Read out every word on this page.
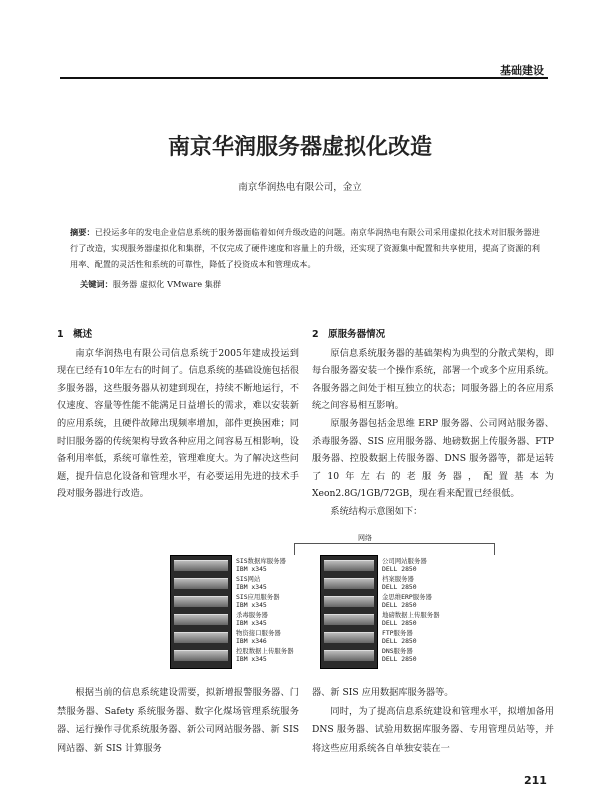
基础建设
南京华润服务器虚拟化改造
南京华润热电有限公司，金立
摘要：已投运多年的发电企业信息系统的服务器面临着如何升级改造的问题。南京华润热电有限公司采用虚拟化技术对旧服务器进行了改造，实现服务器虚拟化和集群，不仅完成了硬件速度和容量上的升级，还实现了资源集中配置和共享使用，提高了资源的利用率、配置的灵活性和系统的可靠性，降低了投资成本和管理成本。
关键词：服务器 虚拟化 VMware 集群
1　概述

南京华润热电有限公司信息系统于2005年建成投运到现在已经有10年左右的时间了。信息系统的基础设施包括很多服务器，这些服务器从初建到现在，持续不断地运行，不仅速度、容量等性能不能满足日益增长的需求，难以安装新的应用系统，且硬件故障出现频率增加，部件更换困难；同时旧服务器的传统架构导致各种应用之间容易互相影响，设备利用率低，系统可靠性差，管理难度大。为了解决这些问题，提升信息化设备和管理水平，有必要运用先进的技术手段对服务器进行改造。

2　原服务器情况

原信息系统服务器的基础架构为典型的分散式架构，即每台服务器安装一个操作系统，部署一个或多个应用系统。各服务器之间处于相互独立的状态；同服务器上的各应用系统之间容易相互影响。

原服务器包括金思维 ERP 服务器、公司网站服务器、杀毒服务器、SIS 应用服务器、地磅数据上传服务器、FTP 服务器、控股数据上传服务器、DNS 服务器等，都是运转了10年左右的老服务器，配置基本为 Xeon2.8G/1GB/72GB，现在看来配置已经很低。

系统结构示意图如下：

网络
SIS数据库服务器
IBM x345
SIS网站
IBM x345
SIS应用服务器
IBM x345
杀毒服务器
IBM x345
物资接口服务器
IBM x346
控股数据上传服务器
IBM x345
公司网站服务器
DELL 2850
档案服务器
DELL 2850
金思维ERP服务器
DELL 2850
地磅数据上传服务器
DELL 2850
FTP服务器
DELL 2850
DNS服务器
DELL 2850

根据当前的信息系统建设需要，拟新增报警服务器、门禁服务器、Safety 系统服务器、数字化煤场管理系统服务器、运行操作寻优系统服务器、新公司网站服务器、新 SIS 网站器、新 SIS 计算服务

器、新 SIS 应用数据库服务器等。

同时，为了提高信息系统建设和管理水平，拟增加备用 DNS 服务器、试验用数据库服务器、专用管理员站等，并将这些应用系统各自单独安装在一

211
